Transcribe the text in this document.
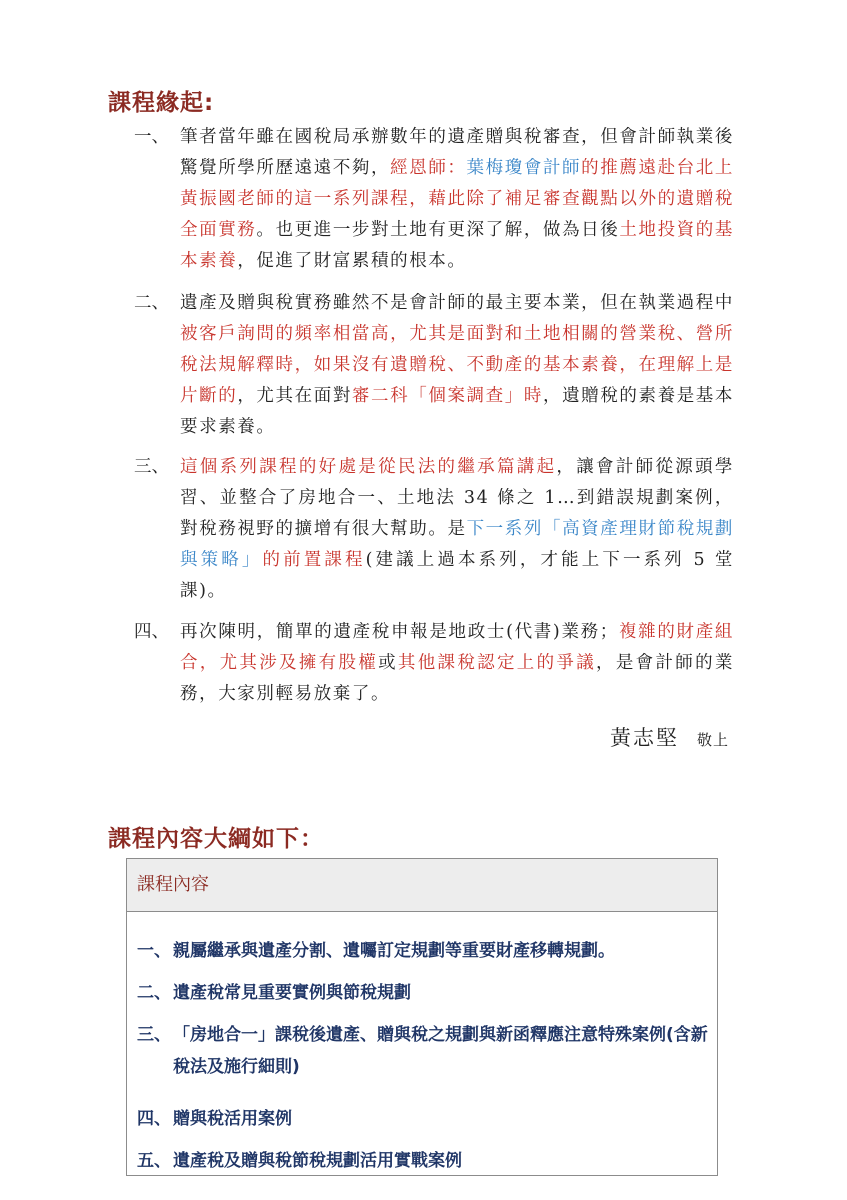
課程緣起:
一、 筆者當年雖在國稅局承辦數年的遺產贈與稅審查，但會計師執業後驚覺所學所歷遠遠不夠，經恩師：葉梅瓊會計師的推薦遠赴台北上黃振國老師的這一系列課程，藉此除了補足審查觀點以外的遺贈稅全面實務。也更進一步對土地有更深了解，做為日後土地投資的基本素養，促進了財富累積的根本。
二、 遺產及贈與稅實務雖然不是會計師的最主要本業，但在執業過程中被客戶詢問的頻率相當高，尤其是面對和土地相關的營業稅、營所稅法規解釋時，如果沒有遺贈稅、不動產的基本素養，在理解上是片斷的，尤其在面對審二科「個案調查」時，遺贈稅的素養是基本要求素養。
三、 這個系列課程的好處是從民法的繼承篇講起，讓會計師從源頭學習、並整合了房地合一、土地法 34 條之 1…到錯誤規劃案例，對稅務視野的擴增有很大幫助。是下一系列「高資產理財節稅規劃與策略」的前置課程(建議上過本系列，才能上下一系列 5 堂課)。
四、 再次陳明，簡單的遺產稅申報是地政士(代書)業務；複雜的財產組合，尤其涉及擁有股權或其他課稅認定上的爭議，是會計師的業務，大家別輕易放棄了。
黃志堅 敬上
課程內容大綱如下：
課程內容
一、 親屬繼承與遺產分割、遺囑訂定規劃等重要財產移轉規劃。
二、 遺產稅常見重要實例與節稅規劃
三、 「房地合一」課稅後遺產、贈與稅之規劃與新函釋應注意特殊案例(含新稅法及施行細則)
四、 贈與稅活用案例
五、 遺產稅及贈與稅節稅規劃活用實戰案例
